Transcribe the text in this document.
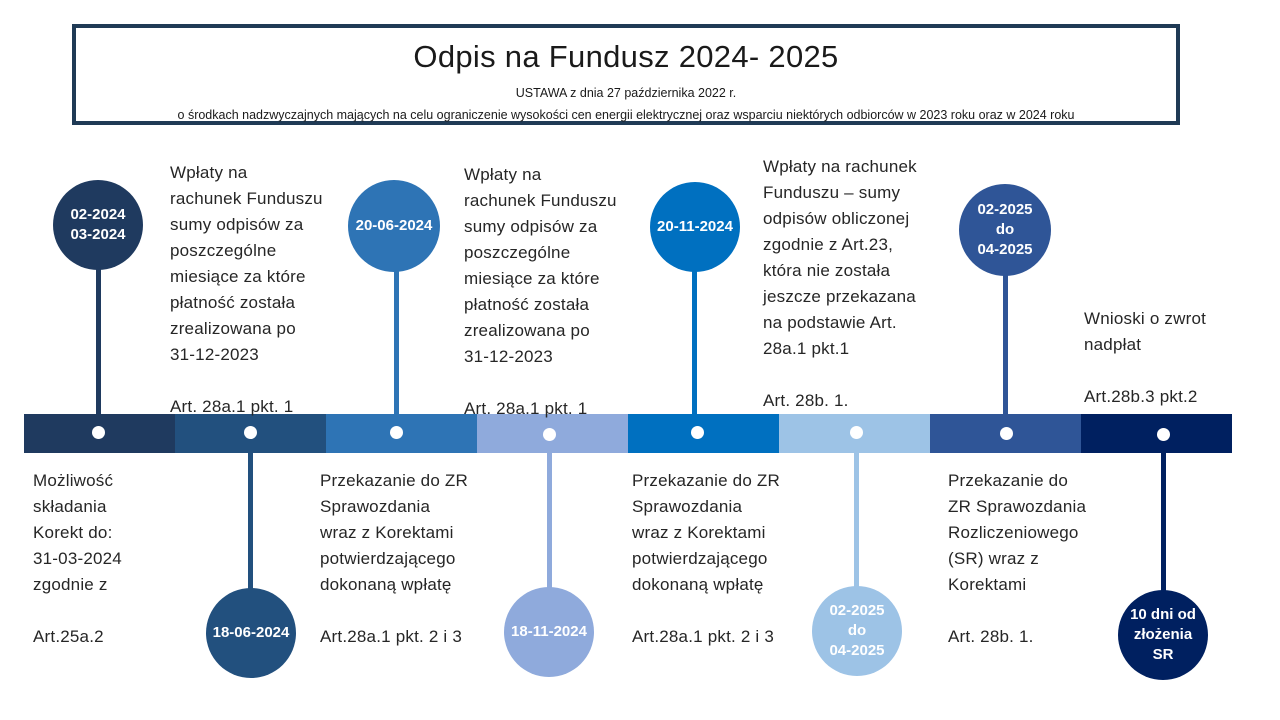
Odpis na Fundusz 2024- 2025
USTAWA z dnia 27 października 2022 r.
o środkach nadzwyczajnych mających na celu ograniczenie wysokości cen energii elektrycznej oraz wsparciu niektórych odbiorców w 2023 roku oraz w 2024 roku
02-2024
03-2024
18-06-2024
20-06-2024
18-11-2024
20-11-2024
02-2025
do
04-2025
02-2025
do
04-2025
10 dni od
złożenia
SR
Możliwość
składania
Korekt do:
31-03-2024
zgodnie z

Art.25a.2
Wpłaty na
rachunek Funduszu
sumy odpisów za
poszczególne
miesiące za które
płatność została
zrealizowana po
31-12-2023

Art. 28a.1 pkt. 1
Przekazanie do ZR
Sprawozdania
wraz z Korektami
potwierdzającego
dokonaną wpłatę

Art.28a.1 pkt. 2 i 3
Wpłaty na
rachunek Funduszu
sumy odpisów za
poszczególne
miesiące za które
płatność została
zrealizowana po
31-12-2023

Art. 28a.1 pkt. 1
Przekazanie do ZR
Sprawozdania
wraz z Korektami
potwierdzającego
dokonaną wpłatę

Art.28a.1 pkt. 2 i 3
Wpłaty na rachunek
Funduszu – sumy
odpisów obliczonej
zgodnie z Art.23,
która nie została
jeszcze przekazana
na podstawie Art.
28a.1 pkt.1

Art. 28b. 1.
Przekazanie do
ZR Sprawozdania
Rozliczeniowego
(SR) wraz z
Korektami

Art. 28b. 1.
Wnioski o zwrot
nadpłat

Art.28b.3 pkt.2
